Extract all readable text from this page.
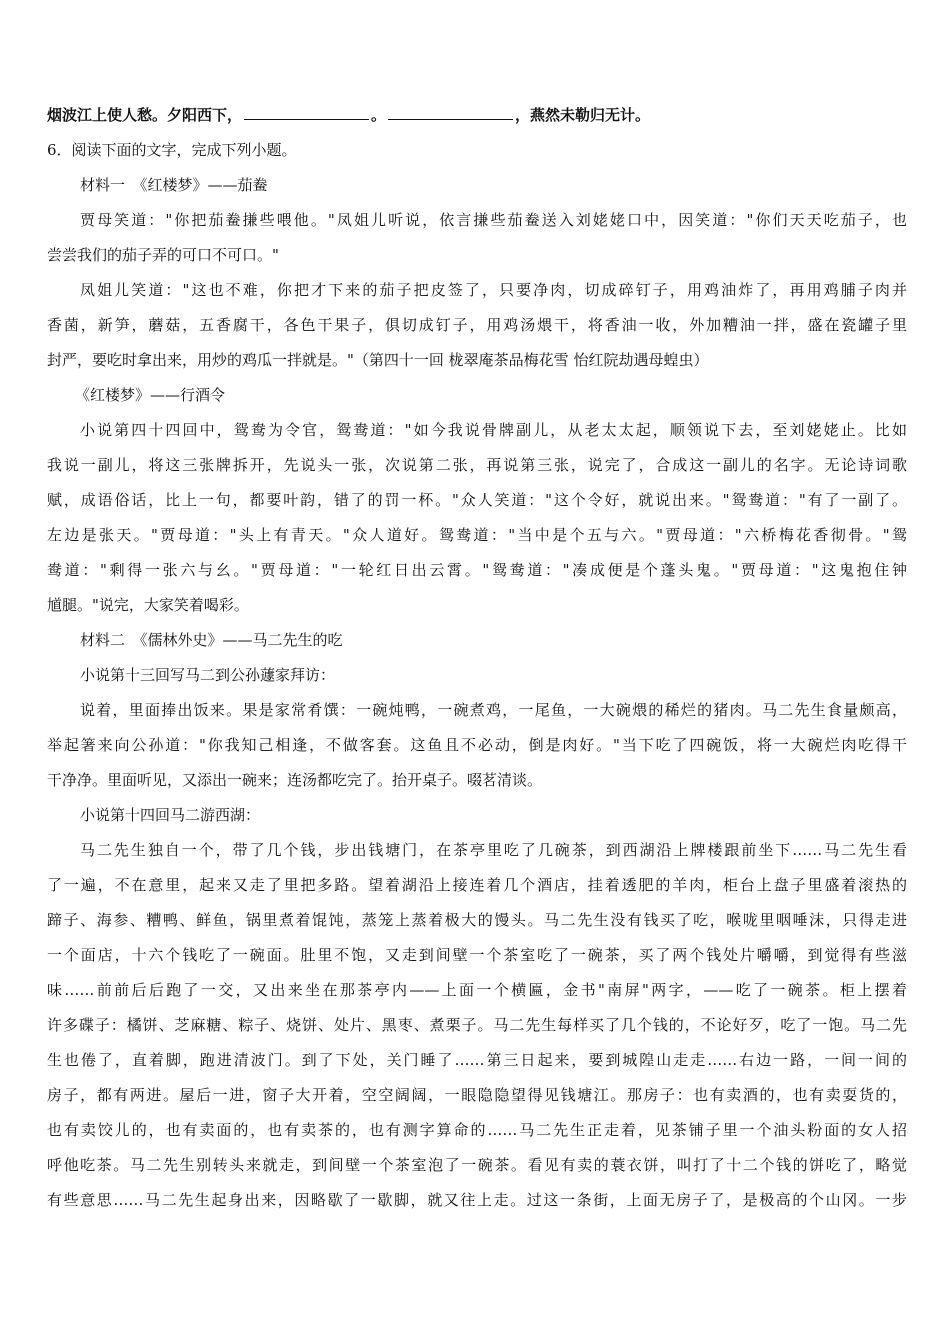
烟波江上使人愁。夕阳西下，	。	，燕然未勒归无计。
6．阅读下面的文字，完成下列小题。
材料一　《红楼梦》——茄鲞
贾母笑道："你把茄鲞搛些喂他。"凤姐儿听说，依言搛些茄鲞送入刘姥姥口中，因笑道："你们天天吃茄子，也
尝尝我们的茄子弄的可口不可口。"
凤姐儿笑道："这也不难，你把才下来的茄子把皮签了，只要净肉，切成碎钉子，用鸡油炸了，再用鸡脯子肉并
香菌，新笋，蘑菇，五香腐干，各色干果子，俱切成钉子，用鸡汤煨干，将香油一收，外加糟油一拌，盛在瓷罐子里
封严，要吃时拿出来，用炒的鸡瓜一拌就是。"（第四十一回 栊翠庵茶品梅花雪 怡红院劫遇母蝗虫）
《红楼梦》——行酒令
小说第四十四回中，鸳鸯为令官，鸳鸯道："如今我说骨牌副儿，从老太太起，顺领说下去，至刘姥姥止。比如
我说一副儿，将这三张牌拆开，先说头一张，次说第二张，再说第三张，说完了，合成这一副儿的名字。无论诗词歌
赋，成语俗话，比上一句，都要叶韵，错了的罚一杯。"众人笑道："这个令好，就说出来。"鸳鸯道："有了一副了。
左边是张天。"贾母道："头上有青天。"众人道好。鸳鸯道："当中是个五与六。"贾母道："六桥梅花香彻骨。"鸳
鸯道："剩得一张六与幺。"贾母道："一轮红日出云霄。"鸳鸯道："凑成便是个蓬头鬼。"贾母道："这鬼抱住钟
馗腿。"说完，大家笑着喝彩。
材料二　《儒林外史》——马二先生的吃
小说第十三回写马二到公孙蘧家拜访：
说着，里面捧出饭来。果是家常肴馔：一碗炖鸭，一碗煮鸡，一尾鱼，一大碗煨的稀烂的猪肉。马二先生食量颇高，
举起箸来向公孙道："你我知己相逢，不做客套。这鱼且不必动，倒是肉好。"当下吃了四碗饭，将一大碗烂肉吃得干
干净净。里面听见，又添出一碗来；连汤都吃完了。抬开桌子。啜茗清谈。
小说第十四回马二游西湖：
马二先生独自一个，带了几个钱，步出钱塘门，在茶亭里吃了几碗茶，到西湖沿上牌楼跟前坐下……马二先生看
了一遍，不在意里，起来又走了里把多路。望着湖沿上接连着几个酒店，挂着透肥的羊肉，柜台上盘子里盛着滚热的
蹄子、海参、糟鸭、鲜鱼，锅里煮着馄饨，蒸笼上蒸着极大的馒头。马二先生没有钱买了吃，喉咙里咽唾沫，只得走进
一个面店，十六个钱吃了一碗面。肚里不饱，又走到间壁一个茶室吃了一碗茶，买了两个钱处片嚼嚼，到觉得有些滋
味……前前后后跑了一交，又出来坐在那茶亭内——上面一个横匾，金书"南屏"两字，——吃了一碗茶。柜上摆着
许多碟子：橘饼、芝麻糖、粽子、烧饼、处片、黑枣、煮栗子。马二先生每样买了几个钱的，不论好歹，吃了一饱。马二先
生也倦了，直着脚，跑进清波门。到了下处，关门睡了……第三日起来，要到城隍山走走……右边一路，一间一间的
房子，都有两进。屋后一进，窗子大开着，空空阔阔，一眼隐隐望得见钱塘江。那房子：也有卖酒的，也有卖耍货的，
也有卖饺儿的，也有卖面的，也有卖茶的，也有测字算命的……马二先生正走着，见茶铺子里一个油头粉面的女人招
呼他吃茶。马二先生别转头来就走，到间壁一个茶室泡了一碗茶。看见有卖的蓑衣饼，叫打了十二个钱的饼吃了，略觉
有些意思……马二先生起身出来，因略歇了一歇脚，就又往上走。过这一条街，上面无房子了，是极高的个山冈。一步
